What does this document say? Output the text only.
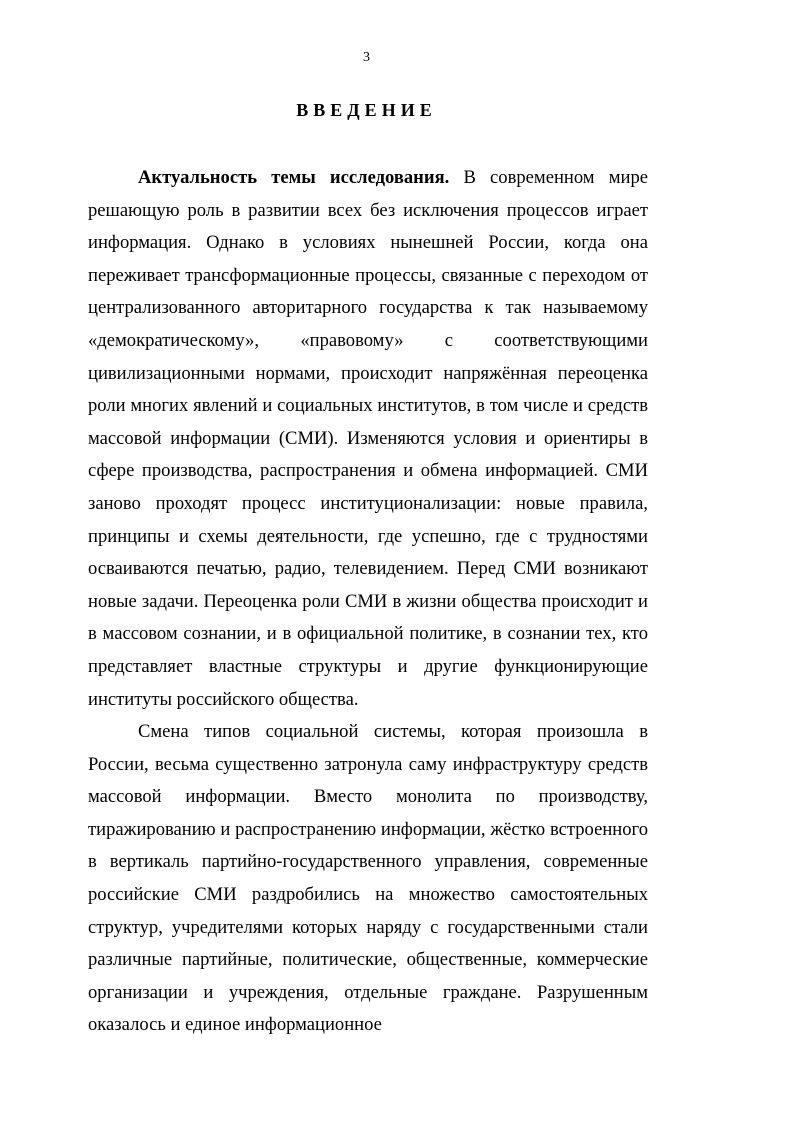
3
ВВЕДЕНИЕ

Актуальность темы исследования. В современном мире решающую роль в развитии всех без исключения процессов играет информация. Однако в условиях нынешней России, когда она переживает трансформационные процессы, связанные с переходом от централизованного авторитарного государства к так называемому «демократическому», «правовому» с соответствующими цивилизационными нормами, происходит напряжённая переоценка роли многих явлений и социальных институтов, в том числе и средств массовой информации (СМИ). Изменяются условия и ориентиры в сфере производства, распространения и обмена информацией. СМИ заново проходят процесс институционализации: новые правила, принципы и схемы деятельности, где успешно, где с трудностями осваиваются печатью, радио, телевидением. Перед СМИ возникают новые задачи. Переоценка роли СМИ в жизни общества происходит и в массовом сознании, и в официальной политике, в сознании тех, кто представляет властные структуры и другие функционирующие институты российского общества.

Смена типов социальной системы, которая произошла в России, весьма существенно затронула саму инфраструктуру средств массовой информации. Вместо монолита по производству, тиражированию и распространению информации, жёстко встроенного в вертикаль партийно-государственного управления, современные российские СМИ раздробились на множество самостоятельных структур, учредителями которых наряду с государственными стали различные партийные, политические, общественные, коммерческие организации и учреждения, отдельные граждане. Разрушенным оказалось и единое информационное
